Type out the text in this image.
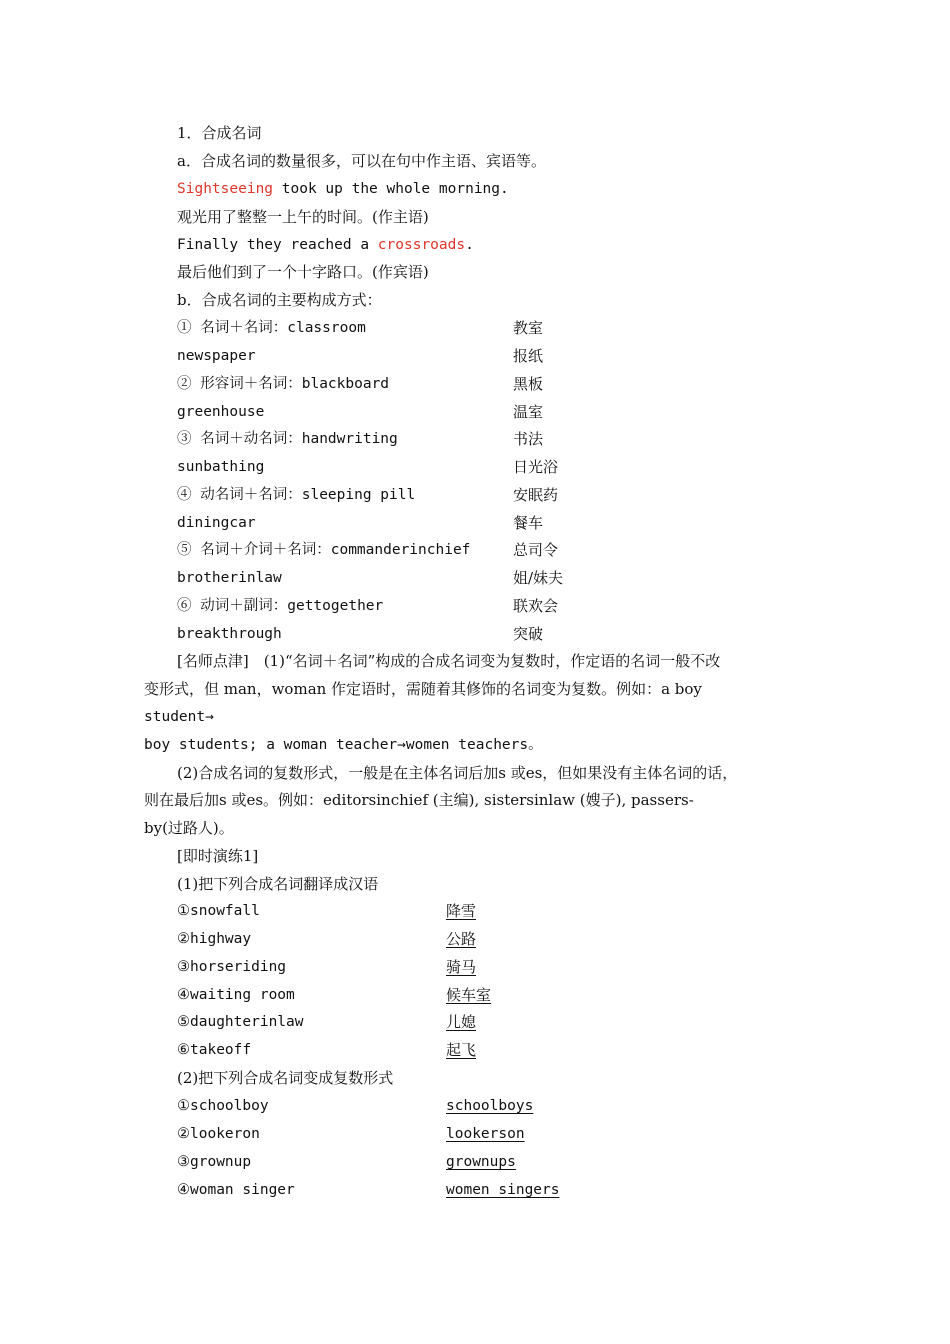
1．合成名词
a．合成名词的数量很多，可以在句中作主语、宾语等。
Sightseeing took up the whole morning.
观光用了整整一上午的时间。(作主语)
Finally they reached a crossroads.
最后他们到了一个十字路口。(作宾语)
b．合成名词的主要构成方式：
① 名词＋名词：classroom	教室
newspaper	报纸
② 形容词＋名词：blackboard	黑板
greenhouse	温室
③ 名词＋动名词：handwriting	书法
sunbathing	日光浴
④ 动名词＋名词：sleeping pill	安眠药
diningcar	餐车
⑤ 名词＋介词＋名词：commanderinchief	总司令
brotherinlaw	姐/妹夫
⑥ 动词＋副词：gettogether	联欢会
breakthrough	突破
[名师点津]　(1)“名词＋名词”构成的合成名词变为复数时，作定语的名词一般不改
变形式，但 man，woman 作定语时，需随着其修饰的名词变为复数。例如：a boy
student→
boy students; a woman teacher→women teachers。
(2)合成名词的复数形式，一般是在主体名词后加s 或es，但如果没有主体名词的话，
则在最后加s 或es。例如：editorsinchief (主编), sistersinlaw (嫂子), passers-
by(过路人)。
[即时演练1]
(1)把下列合成名词翻译成汉语
①snowfall	降雪
②highway	公路
③horseriding	骑马
④waiting room	候车室
⑤daughterinlaw	儿媳
⑥takeoff	起飞
(2)把下列合成名词变成复数形式
①schoolboy	schoolboys
②lookeron	lookerson
③grownup	grownups
④woman singer	women singers
